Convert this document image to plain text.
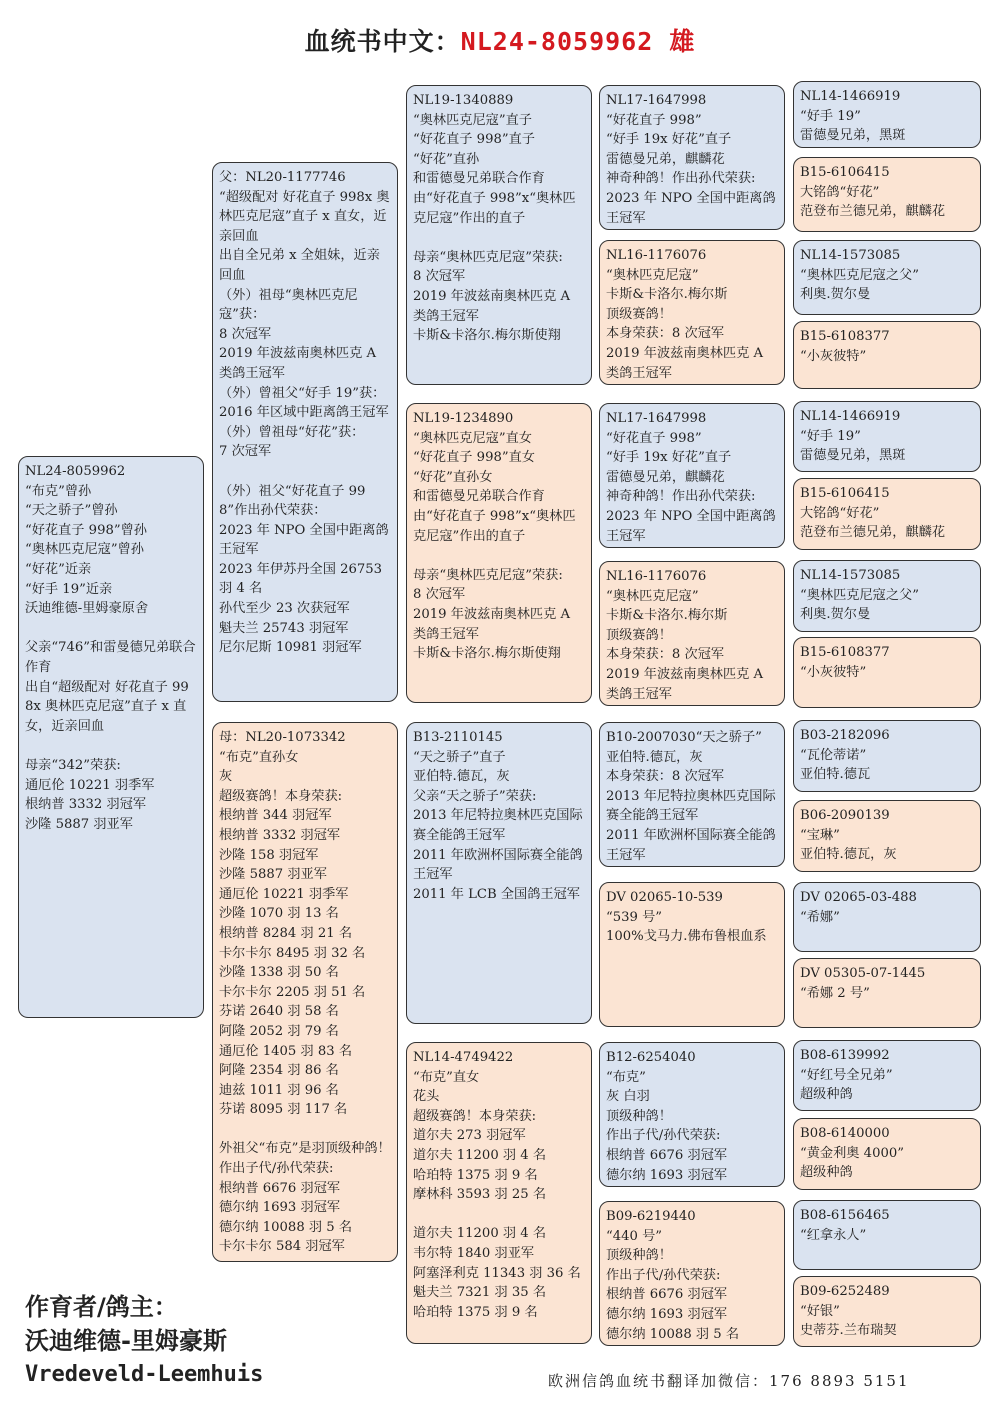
血统书中文：NL24-8059962 雄
NL24-8059962
“布克”曾孙
“天之骄子”曾孙
“好花直子 998”曾孙
“奥林匹克尼寇”曾孙
“好花”近亲
“好手 19”近亲
沃迪维德-里姆豪原舍
父亲“746”和雷曼德兄弟联合作育
出自“超级配对 好花直子 998x 奥林匹克尼寇”直子 x 直女，近亲回血
母亲“342”荣获:
通厄伦 10221 羽季军
根纳普 3332 羽冠军
沙隆 5887 羽亚军
父：NL20-1177746
“超级配对 好花直子 998x 奥林匹克尼寇”直子 x 直女，近亲回血
出自全兄弟 x 全姐妹，近亲回血
（外）祖母“奥林匹克尼寇”获：
8 次冠军
2019 年波兹南奥林匹克 A 类鸽王冠军
（外）曾祖父“好手 19”获：
2016 年区域中距离鸽王冠军
（外）曾祖母“好花”获：
7 次冠军
（外）祖父“好花直子 998”作出孙代荣获：
2023 年 NPO 全国中距离鸽王冠军
2023 年伊苏丹全国 26753 羽 4 名
孙代至少 23 次获冠军
魁夫兰 25743 羽冠军
尼尔尼斯 10981 羽冠军
母：NL20-1073342
“布克”直孙女
灰
超级赛鸽！本身荣获:
根纳普 344 羽冠军
根纳普 3332 羽冠军
沙隆 158 羽冠军
沙隆 5887 羽亚军
通厄伦 10221 羽季军
沙隆 1070 羽 13 名
根纳普 8284 羽 21 名
卡尔卡尔 8495 羽 32 名
沙隆 1338 羽 50 名
卡尔卡尔 2205 羽 51 名
芬诺 2640 羽 58 名
阿隆 2052 羽 79 名
通厄伦 1405 羽 83 名
阿隆 2354 羽 86 名
迪兹 1011 羽 96 名
芬诺 8095 羽 117 名
外祖父“布克”是羽顶级种鸽！作出子代/孙代荣获:
根纳普 6676 羽冠军
德尔纳 1693 羽冠军
德尔纳 10088 羽 5 名
卡尔卡尔 584 羽冠军
NL19-1340889
“奥林匹克尼寇”直子
“好花直子 998”直子
“好花”直孙
和雷德曼兄弟联合作育
由“好花直子 998”x“奥林匹克尼寇”作出的直子
母亲“奥林匹克尼寇”荣获:
8 次冠军
2019 年波兹南奥林匹克 A 类鸽王冠军
卡斯&卡洛尔.梅尔斯使翔
NL19-1234890
“奥林匹克尼寇”直女
“好花直子 998”直女
“好花”直孙女
和雷德曼兄弟联合作育
由“好花直子 998”x“奥林匹克尼寇”作出的直子
母亲“奥林匹克尼寇”荣获:
8 次冠军
2019 年波兹南奥林匹克 A 类鸽王冠军
卡斯&卡洛尔.梅尔斯使翔
B13-2110145
“天之骄子”直子
亚伯特.德瓦，灰
父亲“天之骄子”荣获:
2013 年尼特拉奥林匹克国际赛全能鸽王冠军
2011 年欧洲杯国际赛全能鸽王冠军
2011 年 LCB 全国鸽王冠军
NL14-4749422
“布克”直女
花头
超级赛鸽！本身荣获:
道尔夫 273 羽冠军
道尔夫 11200 羽 4 名
哈珀特 1375 羽 9 名
摩林科 3593 羽 25 名
道尔夫 11200 羽 4 名
韦尔特 1840 羽亚军
阿塞泽利克 11343 羽 36 名
魁夫兰 7321 羽 35 名
哈珀特 1375 羽 9 名
NL17-1647998
“好花直子 998”
“好手 19x 好花”直子
雷德曼兄弟，麒麟花
神奇种鸽！作出孙代荣获:
2023 年 NPO 全国中距离鸽王冠军
NL16-1176076
“奥林匹克尼寇”
卡斯&卡洛尔.梅尔斯
顶级赛鸽！
本身荣获：8 次冠军
2019 年波兹南奥林匹克 A 类鸽王冠军
NL17-1647998
“好花直子 998”
“好手 19x 好花”直子
雷德曼兄弟，麒麟花
神奇种鸽！作出孙代荣获:
2023 年 NPO 全国中距离鸽王冠军
NL16-1176076
“奥林匹克尼寇”
卡斯&卡洛尔.梅尔斯
顶级赛鸽！
本身荣获：8 次冠军
2019 年波兹南奥林匹克 A 类鸽王冠军
B10-2007030“天之骄子”
亚伯特.德瓦，灰
本身荣获：8 次冠军
2013 年尼特拉奥林匹克国际赛全能鸽王冠军
2011 年欧洲杯国际赛全能鸽王冠军
DV 02065-10-539
“539 号”
100%戈马力.佛布鲁根血系
B12-6254040
“布克”
灰 白羽
顶级种鸽！
作出子代/孙代荣获:
根纳普 6676 羽冠军
德尔纳 1693 羽冠军
B09-6219440
“440 号”
顶级种鸽！
作出子代/孙代荣获:
根纳普 6676 羽冠军
德尔纳 1693 羽冠军
德尔纳 10088 羽 5 名
NL14-1466919
“好手 19”
雷德曼兄弟，黑斑
B15-6106415
大铭鸽“好花”
范登布兰德兄弟，麒麟花
NL14-1573085
“奥林匹克尼寇之父”
利奥.贺尔曼
B15-6108377
“小灰彼特”
NL14-1466919
“好手 19”
雷德曼兄弟，黑斑
B15-6106415
大铭鸽“好花”
范登布兰德兄弟，麒麟花
NL14-1573085
“奥林匹克尼寇之父”
利奥.贺尔曼
B15-6108377
“小灰彼特”
B03-2182096
“瓦伦蒂诺”
亚伯特.德瓦
B06-2090139
“宝琳”
亚伯特.德瓦，灰
DV 02065-03-488
“希娜”
DV 05305-07-1445
“希娜 2 号”
B08-6139992
“好红号全兄弟”
超级种鸽
B08-6140000
“黄金利奥 4000”
超级种鸽
B08-6156465
“红拿永人”
B09-6252489
“好银”
史蒂芬.兰布瑞契
作育者/鸽主：
沃迪维德-里姆豪斯
Vredeveld-Leemhuis	欧洲信鸽血统书翻译加微信：176 8893 5151
